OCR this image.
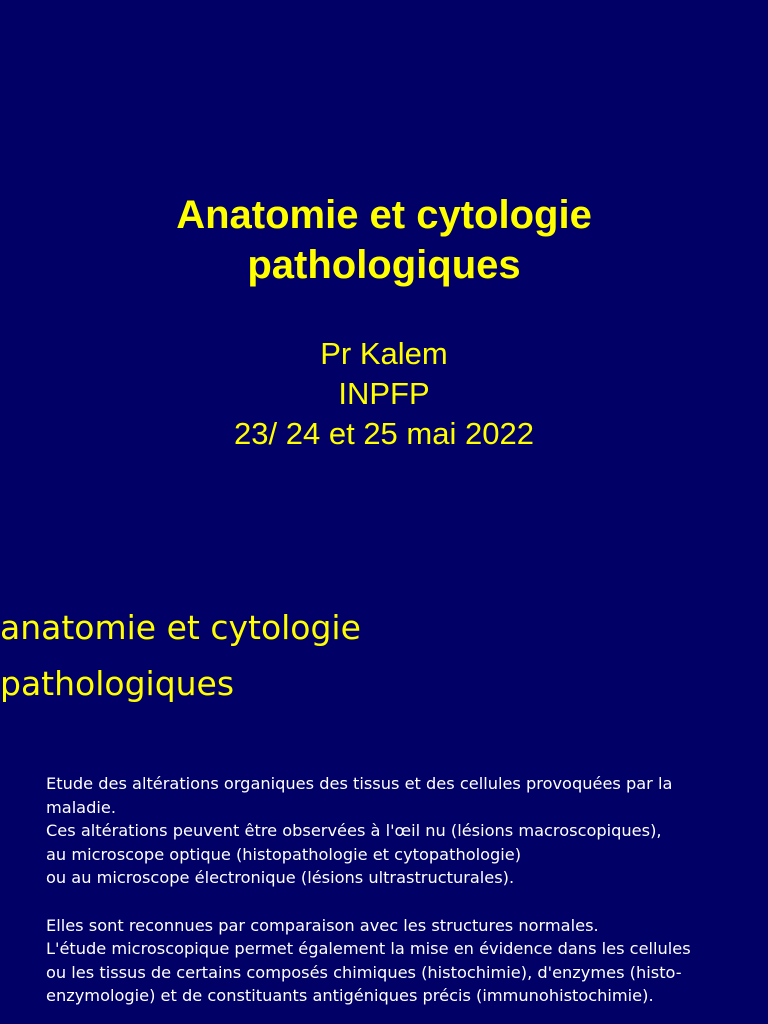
Anatomie et cytologie
pathologiques
Pr Kalem
INPFP
23/ 24 et 25 mai 2022
anatomie et cytologie
pathologiques

Etude des altérations organiques des tissus et des cellules provoquées par la

maladie.

Ces altérations peuvent être observées à l'œil nu (lésions macroscopiques),

au microscope optique (histopathologie et cytopathologie)

ou au microscope électronique (lésions ultrastructurales).

Elles sont reconnues par comparaison avec les structures normales.

L'étude microscopique permet également la mise en évidence dans les cellules

ou les tissus de certains composés chimiques (histochimie), d'enzymes (histo-

enzymologie) et de constituants antigéniques précis (immunohistochimie).
